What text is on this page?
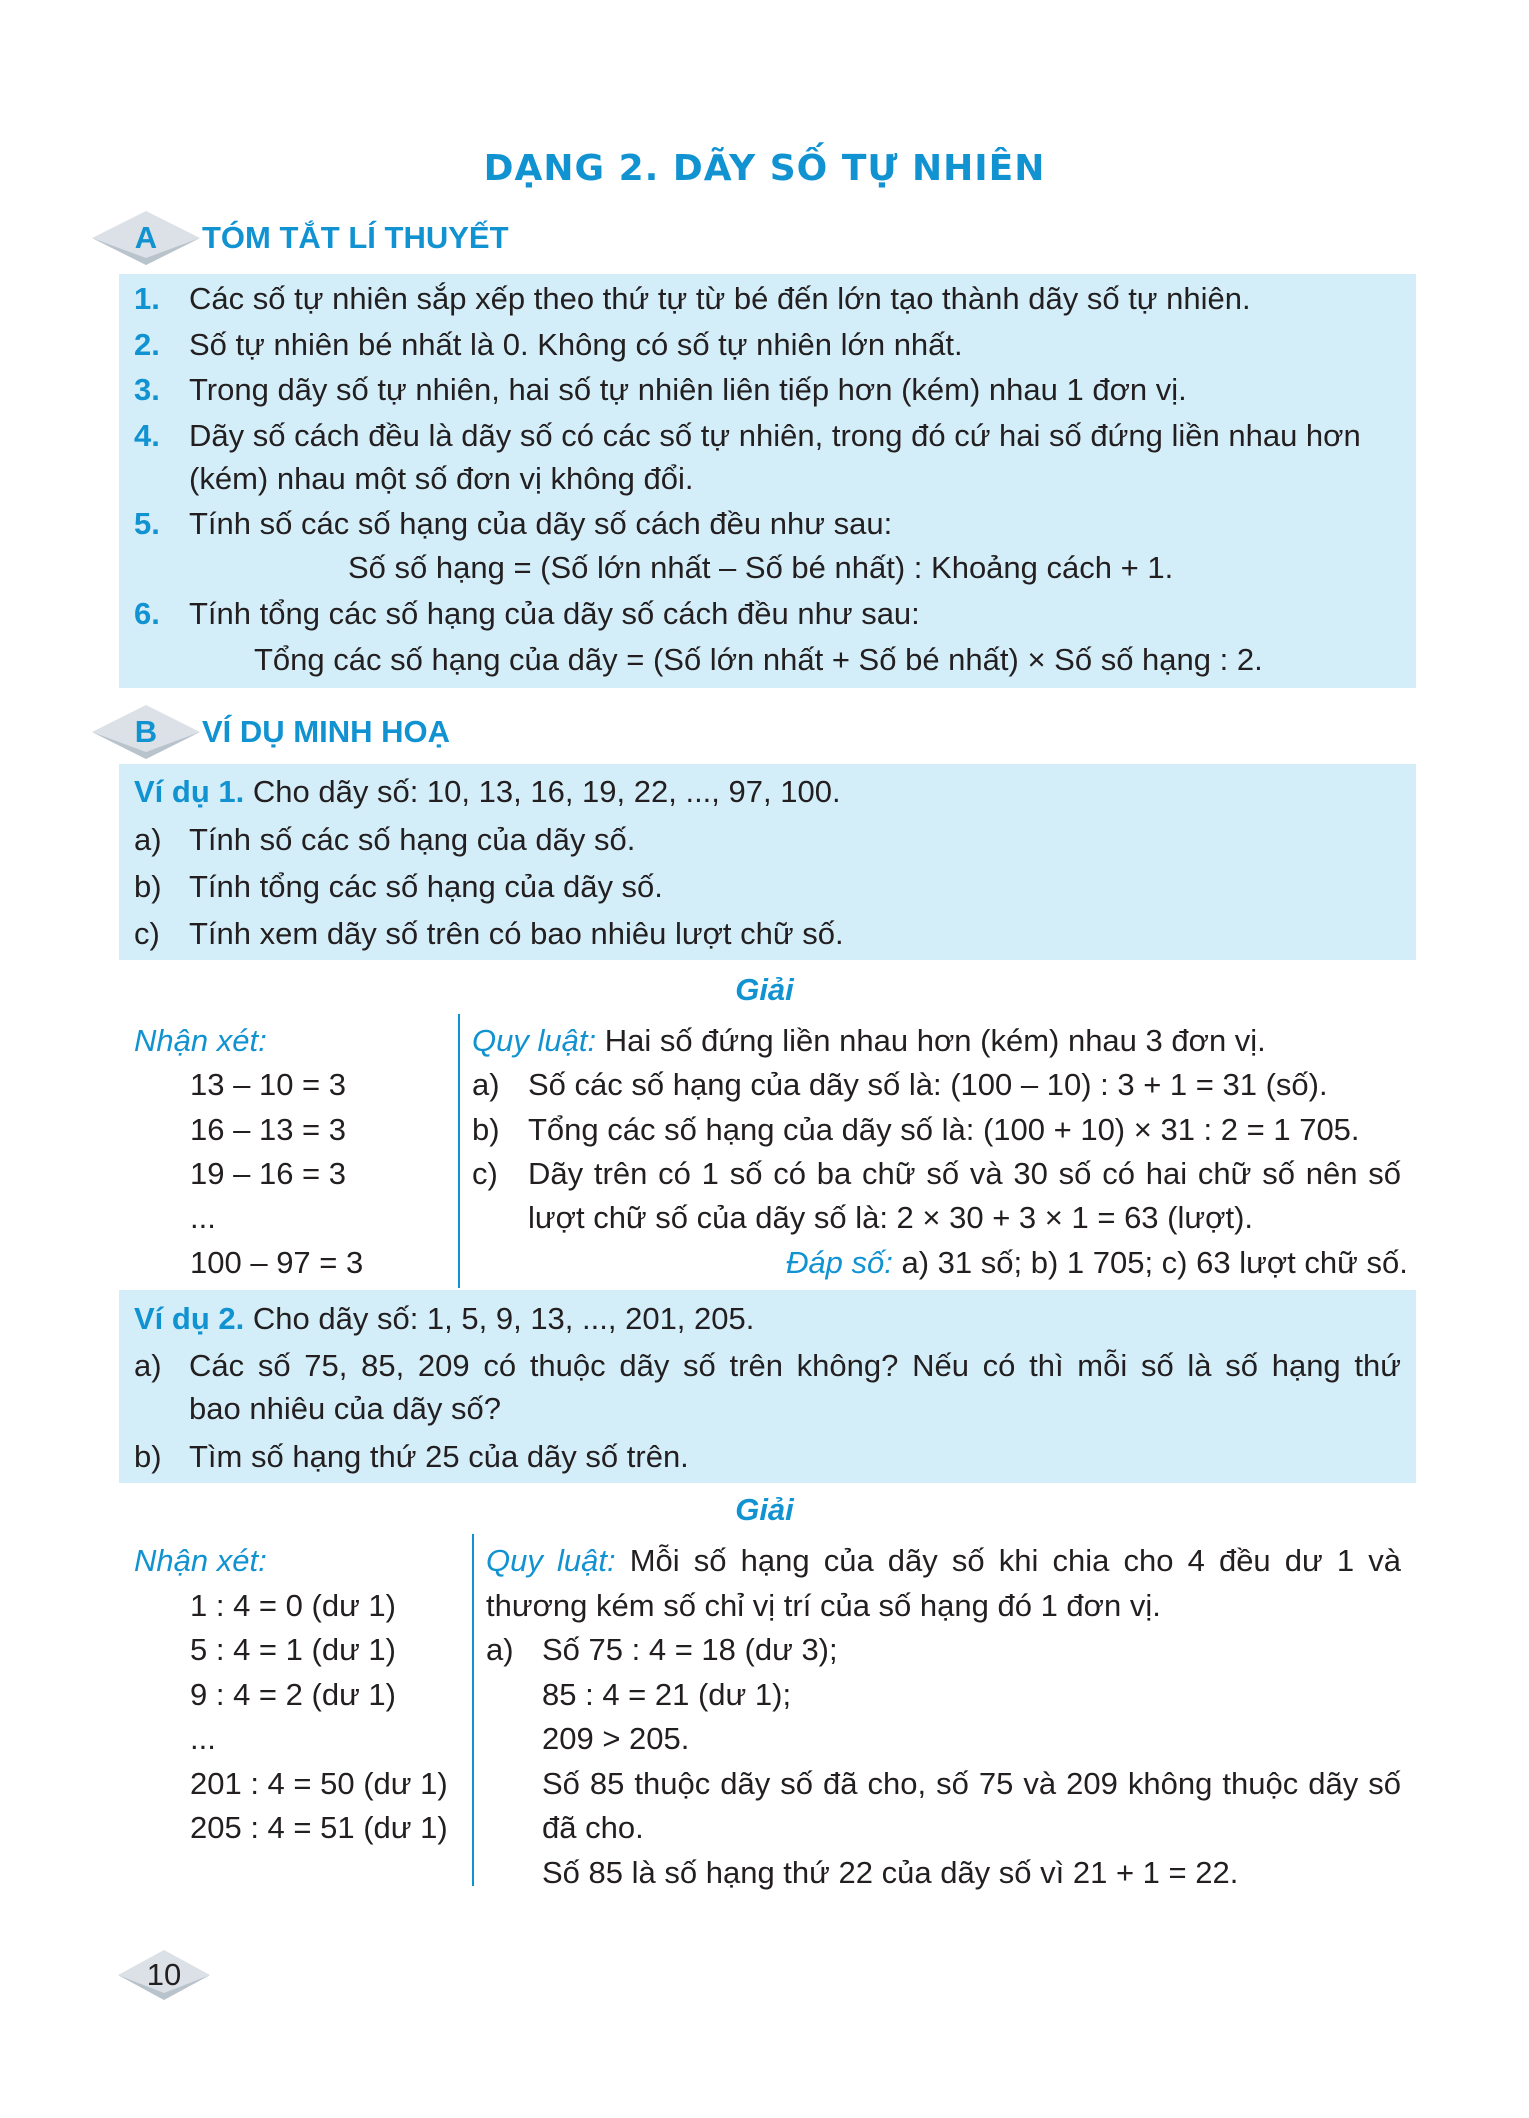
DẠNG 2. DÃY SỐ TỰ NHIÊN
A	TÓM TẮT LÍ THUYẾT
1. Các số tự nhiên sắp xếp theo thứ tự từ bé đến lớn tạo thành dãy số tự nhiên.
2. Số tự nhiên bé nhất là 0. Không có số tự nhiên lớn nhất.
3. Trong dãy số tự nhiên, hai số tự nhiên liên tiếp hơn (kém) nhau 1 đơn vị.
4. Dãy số cách đều là dãy số có các số tự nhiên, trong đó cứ hai số đứng liền nhau hơn
(kém) nhau một số đơn vị không đổi.
5. Tính số các số hạng của dãy số cách đều như sau:
Số số hạng = (Số lớn nhất – Số bé nhất) : Khoảng cách + 1.
6. Tính tổng các số hạng của dãy số cách đều như sau:
Tổng các số hạng của dãy = (Số lớn nhất + Số bé nhất) × Số số hạng : 2.
B	VÍ DỤ MINH HOẠ
Ví dụ 1. Cho dãy số: 10, 13, 16, 19, 22, ..., 97, 100.
a) Tính số các số hạng của dãy số.
b) Tính tổng các số hạng của dãy số.
c) Tính xem dãy số trên có bao nhiêu lượt chữ số.
Giải
Nhận xét:
13 – 10 = 3
16 – 13 = 3
19 – 16 = 3
...
100 – 97 = 3
Quy luật: Hai số đứng liền nhau hơn (kém) nhau 3 đơn vị.
a) Số các số hạng của dãy số là: (100 – 10) : 3 + 1 = 31 (số).
b) Tổng các số hạng của dãy số là: (100 + 10) × 31 : 2 = 1 705.
c) Dãy trên có 1 số có ba chữ số và 30 số có hai chữ số nên số
lượt chữ số của dãy số là: 2 × 30 + 3 × 1 = 63 (lượt).
Đáp số: a) 31 số; b) 1 705; c) 63 lượt chữ số.
Ví dụ 2. Cho dãy số: 1, 5, 9, 13, ..., 201, 205.
a) Các số 75, 85, 209 có thuộc dãy số trên không? Nếu có thì mỗi số là số hạng thứ
bao nhiêu của dãy số?
b) Tìm số hạng thứ 25 của dãy số trên.
Giải
Nhận xét:
1 : 4 = 0 (dư 1)
5 : 4 = 1 (dư 1)
9 : 4 = 2 (dư 1)
...
201 : 4 = 50 (dư 1)
205 : 4 = 51 (dư 1)
Quy luật: Mỗi số hạng của dãy số khi chia cho 4 đều dư 1 và
thương kém số chỉ vị trí của số hạng đó 1 đơn vị.
a) Số 75 : 4 = 18 (dư 3);
85 : 4 = 21 (dư 1);
209 > 205.
Số 85 thuộc dãy số đã cho, số 75 và 209 không thuộc dãy số
đã cho.
Số 85 là số hạng thứ 22 của dãy số vì 21 + 1 = 22.
10
